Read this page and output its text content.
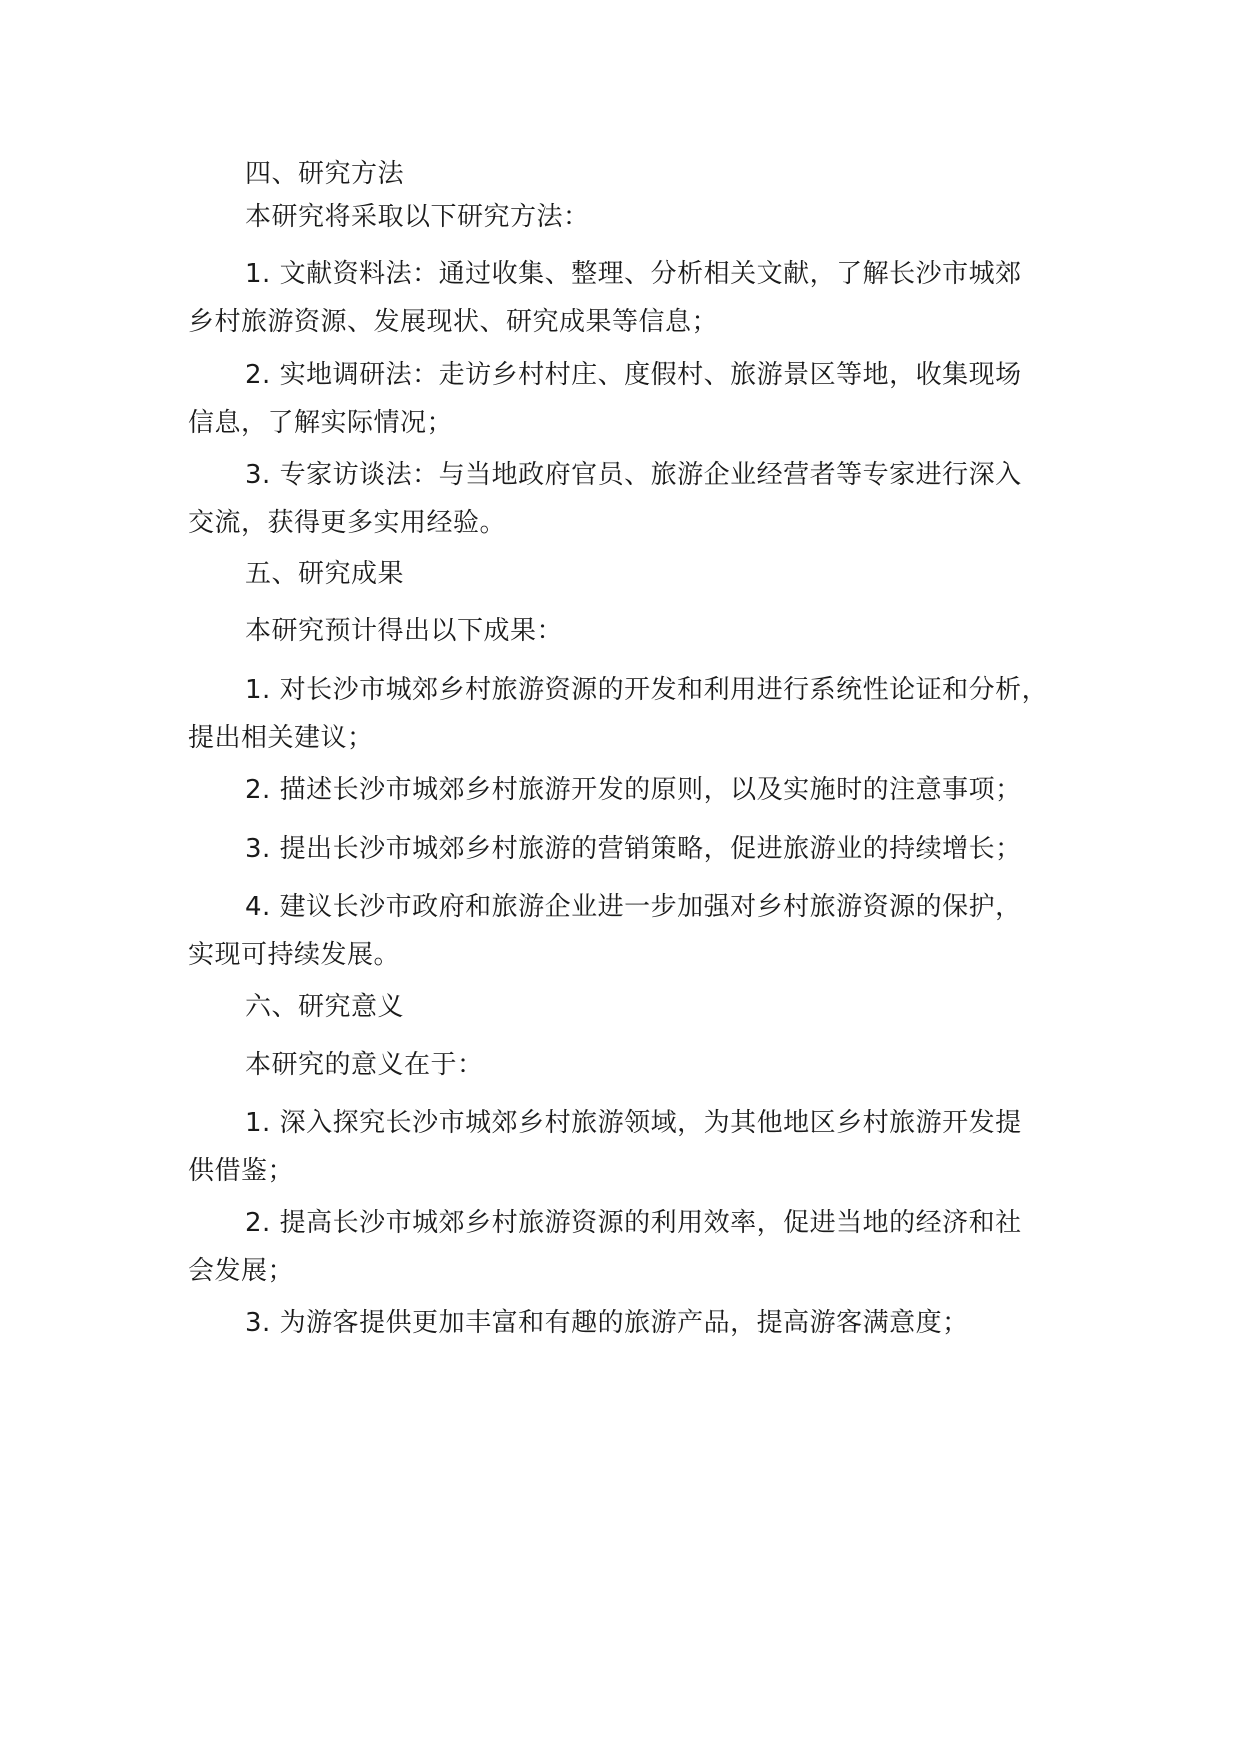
四、研究方法
本研究将采取以下研究方法：
1. 文献资料法：通过收集、整理、分析相关文献，了解长沙市城郊
乡村旅游资源、发展现状、研究成果等信息；
2. 实地调研法：走访乡村村庄、度假村、旅游景区等地，收集现场
信息，了解实际情况；
3. 专家访谈法：与当地政府官员、旅游企业经营者等专家进行深入
交流，获得更多实用经验。
五、研究成果
本研究预计得出以下成果：
1. 对长沙市城郊乡村旅游资源的开发和利用进行系统性论证和分析，
提出相关建议；
2. 描述长沙市城郊乡村旅游开发的原则，以及实施时的注意事项；
3. 提出长沙市城郊乡村旅游的营销策略，促进旅游业的持续增长；
4. 建议长沙市政府和旅游企业进一步加强对乡村旅游资源的保护，
实现可持续发展。
六、研究意义
本研究的意义在于：
1. 深入探究长沙市城郊乡村旅游领域，为其他地区乡村旅游开发提
供借鉴；
2. 提高长沙市城郊乡村旅游资源的利用效率，促进当地的经济和社
会发展；
3. 为游客提供更加丰富和有趣的旅游产品，提高游客满意度；
